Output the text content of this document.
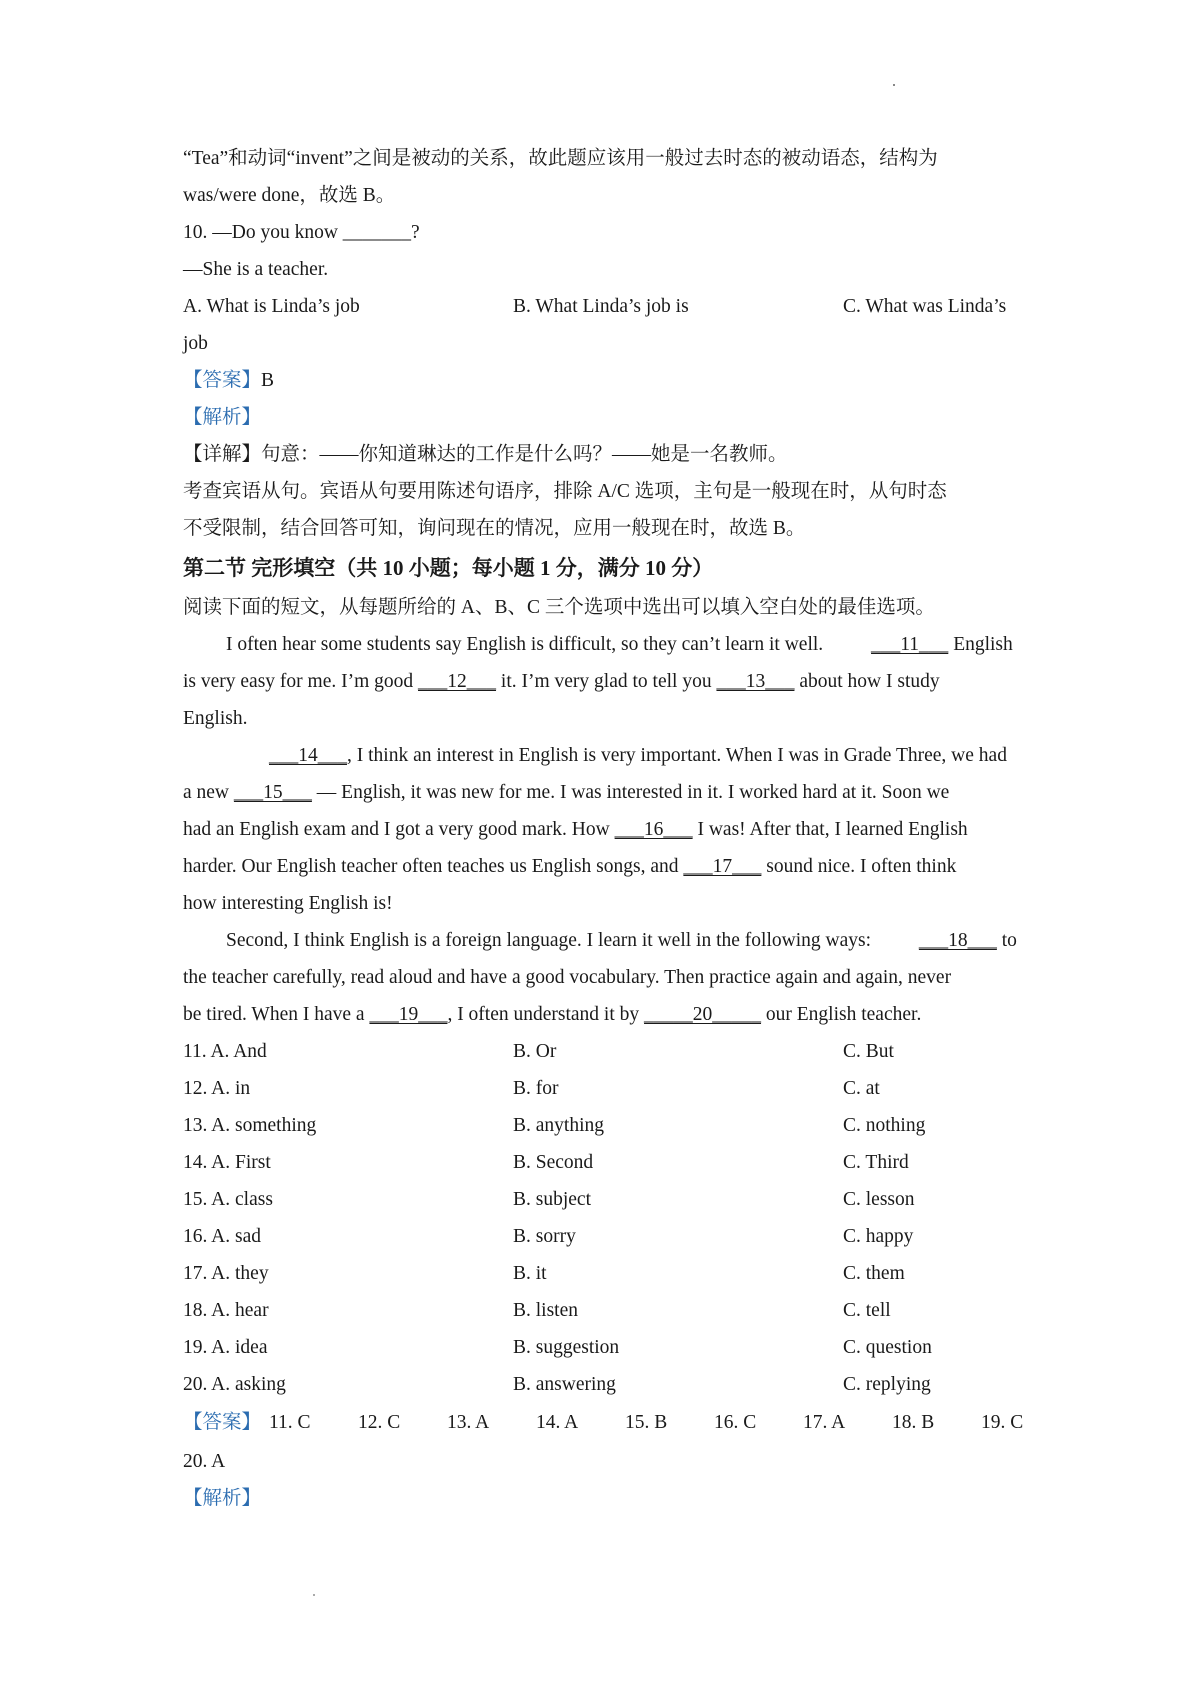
“Tea”和动词“invent”之间是被动的关系，故此题应该用一般过去时态的被动语态，结构为
was/were done，故选 B。
10. —Do you know _______?
—She is a teacher.
A. What is Linda’s job	B. What Linda’s job is	C. What was Linda’s
job
【答案】B
【解析】
【详解】句意：——你知道琳达的工作是什么吗？——她是一名教师。
考查宾语从句。宾语从句要用陈述句语序，排除 A/C 选项，主句是一般现在时，从句时态
不受限制，结合回答可知，询问现在的情况，应用一般现在时，故选 B。
第二节 完形填空（共 10 小题；每小题 1 分，满分 10 分）
阅读下面的短文，从每题所给的 A、B、C 三个选项中选出可以填入空白处的最佳选项。
I often hear some students say English is difficult, so they can’t learn it well. ___11___ English
is very easy for me. I’m good ___12___ it. I’m very glad to tell you ___13___ about how I study
English.
___14___, I think an interest in English is very important. When I was in Grade Three, we had
a new ___15___ — English, it was new for me. I was interested in it. I worked hard at it. Soon we
had an English exam and I got a very good mark. How ___16___ I was! After that, I learned English
harder. Our English teacher often teaches us English songs, and ___17___ sound nice. I often think
how interesting English is!
Second, I think English is a foreign language. I learn it well in the following ways: ___18___ to
the teacher carefully, read aloud and have a good vocabulary. Then practice again and again, never
be tired. When I have a ___19___, I often understand it by _____20_____ our English teacher.
11. A. And	B. Or	C. But
12. A. in	B. for	C. at
13. A. something	B. anything	C. nothing
14. A. First	B. Second	C. Third
15. A. class	B. subject	C. lesson
16. A. sad	B. sorry	C. happy
17. A. they	B. it	C. them
18. A. hear	B. listen	C. tell
19. A. idea	B. suggestion	C. question
20. A. asking	B. answering	C. replying
【答案】 11. C	12. C	13. A	14. A	15. B	16. C	17. A	18. B	19. C
20. A
【解析】
